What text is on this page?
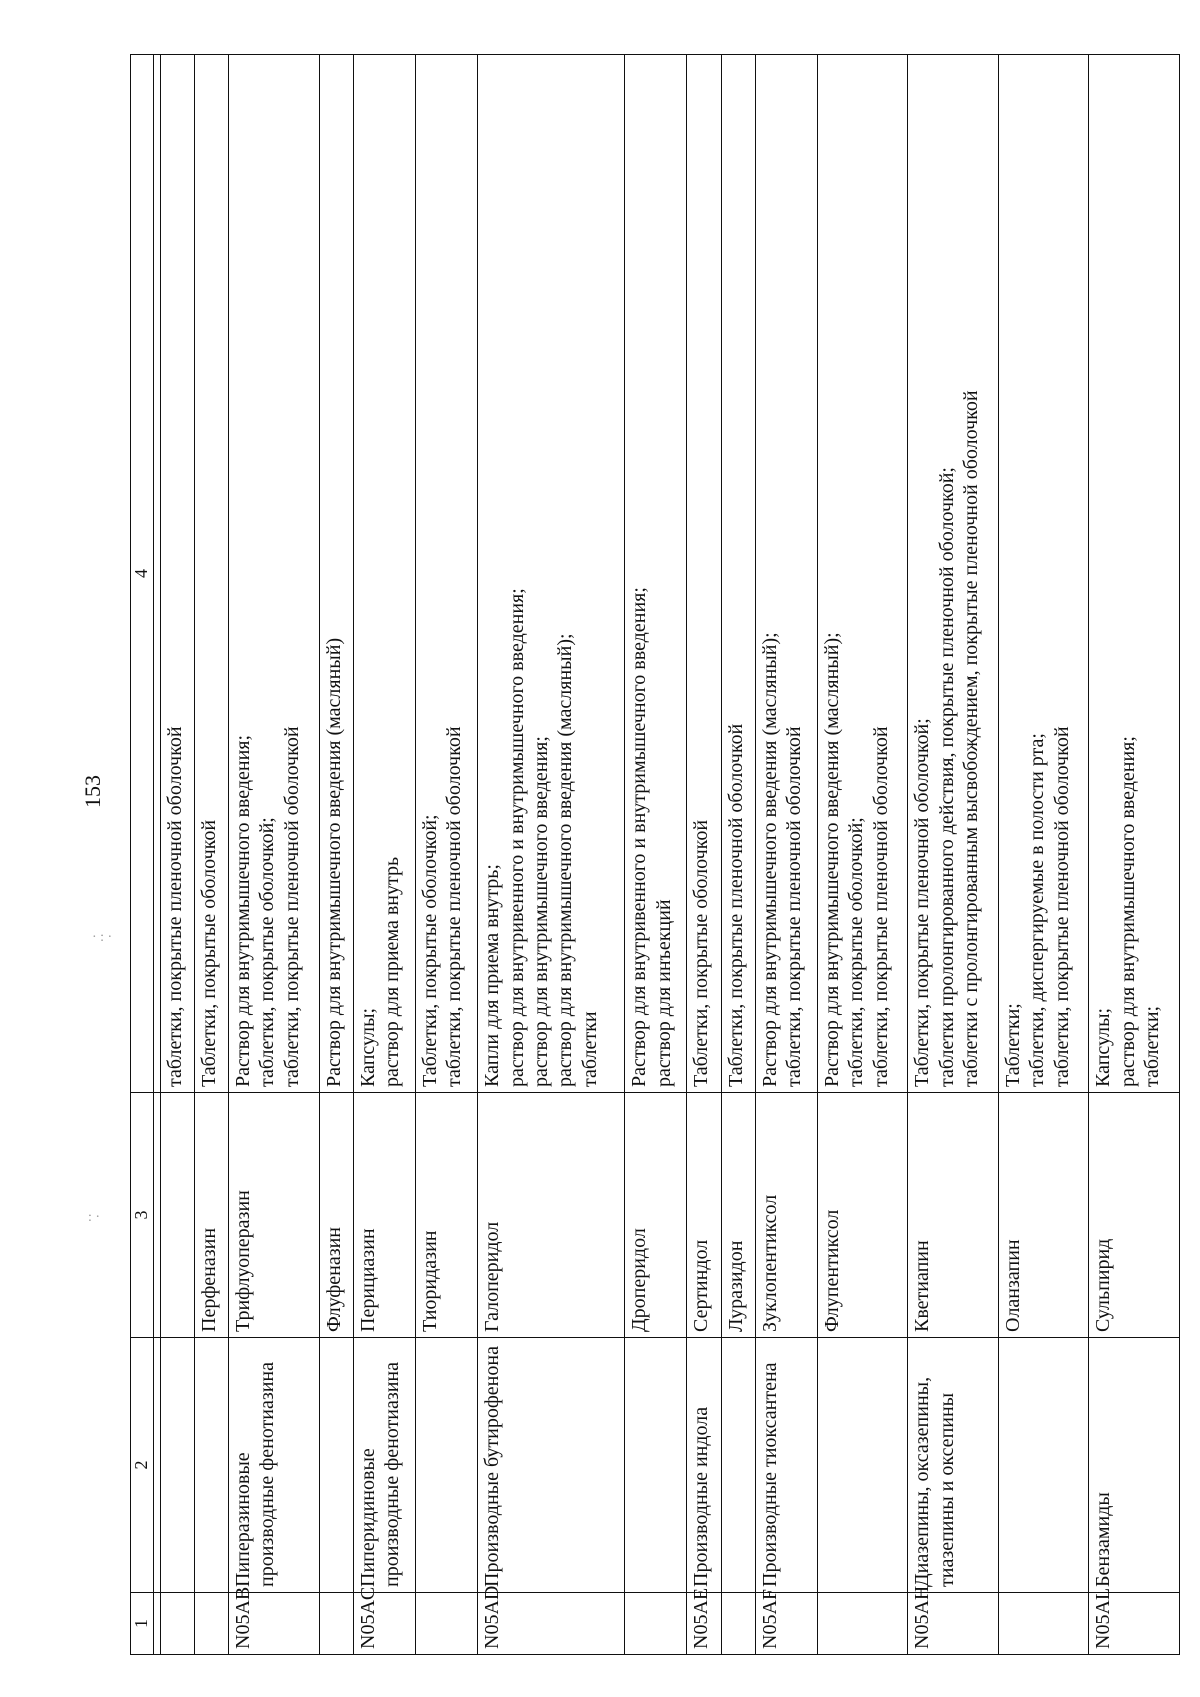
153
· : ·
: ·
1	2	3	4

			таблетки, покрытые пленочной оболочкой

		Перфеназин	Таблетки, покрытые оболочкой

N05AB	Пиперазиновые производные фенотиазина	Трифлуоперазин	Раствор для внутримышечного введения; таблетки, покрытые оболочкой; таблетки, покрытые пленочной оболочкой

		Флуфеназин	Раствор для внутримышечного введения (масляный)

N05AC	Пиперидиновые производные фенотиазина	Перициазин	Капсулы; раствор для приема внутрь

		Тиоридазин	Таблетки, покрытые оболочкой; таблетки, покрытые пленочной оболочкой

N05AD	Производные бутирофенона	Галоперидол	Капли для приема внутрь; раствор для внутривенного и внутримышечного введения; раствор для внутримышечного введения; раствор для внутримышечного введения (масляный); таблетки

		Дроперидол	Раствор для внутривенного и внутримышечного введения; раствор для инъекций

N05AE	Производные индола	Сертиндол	Таблетки, покрытые оболочкой

		Луразидон	Таблетки, покрытые пленочной оболочкой

N05AF	Производные тиоксантена	Зуклопентиксол	Раствор для внутримышечного введения (масляный); таблетки, покрытые пленочной оболочкой

		Флупентиксол	Раствор для внутримышечного введения (масляный); таблетки, покрытые оболочкой; таблетки, покрытые пленочной оболочкой

N05AH	Диазепины, оксазепины, тиазепины и оксепины	Кветиапин	Таблетки, покрытые пленочной оболочкой; таблетки пролонгированного действия, покрытые пленочной оболочкой; таблетки с пролонгированным высвобождением, покрытые пленочной оболочкой

		Оланзапин	Таблетки; таблетки, диспергируемые в полости рта; таблетки, покрытые пленочной оболочкой

N05AL	Бензамиды	Сульпирид	Капсулы; раствор для внутримышечного введения; таблетки;
